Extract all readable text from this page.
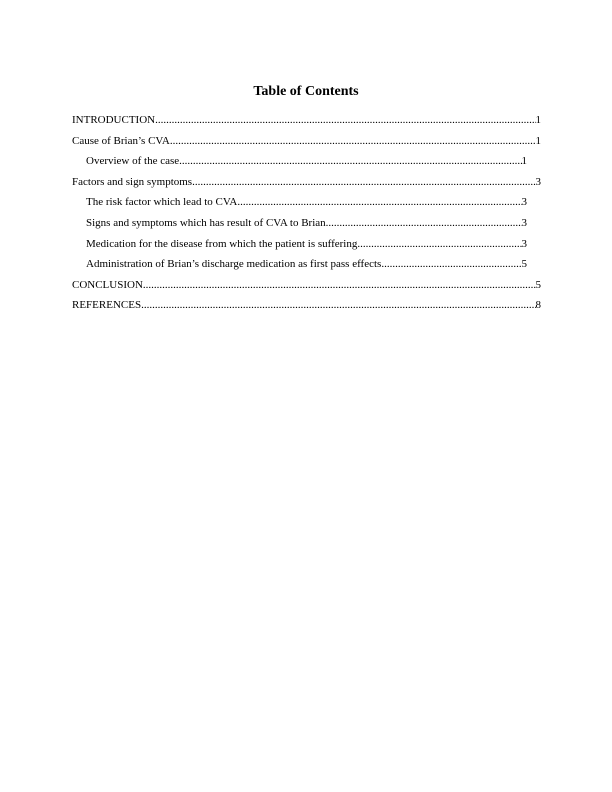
Table of Contents
INTRODUCTION .....	1
Cause of Brian’s CVA .....	1
Overview of the case .....	1
Factors and sign symptoms .....	3
The risk factor which lead to CVA .....	3
Signs and symptoms which has result of CVA to Brian .....	3
Medication for the disease from which the patient is suffering .....	3
Administration of Brian’s discharge medication as first pass effects .....	5
CONCLUSION .....	5
REFERENCES .....	8
